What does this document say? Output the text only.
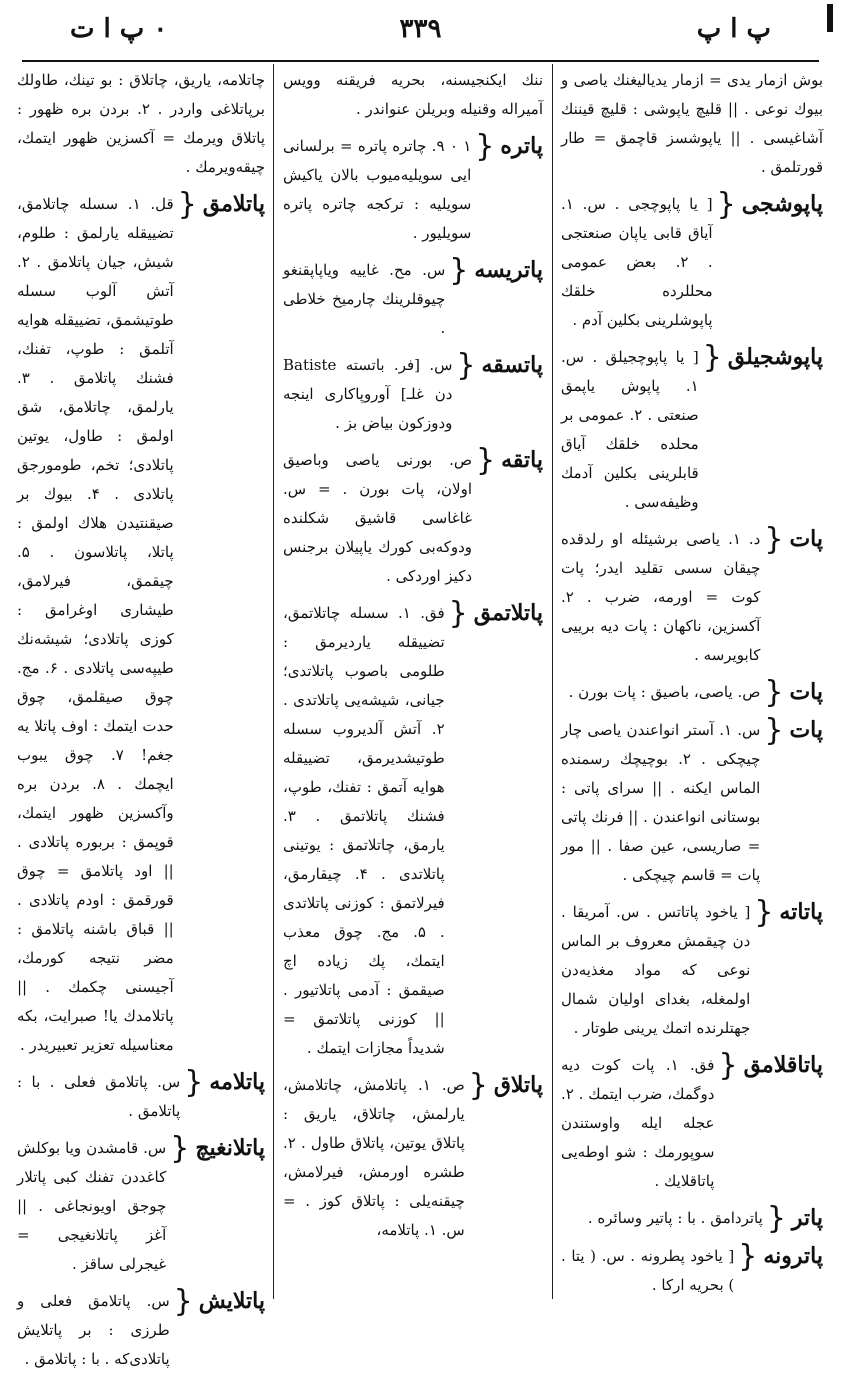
پ ا پ
۳۳۹
۰ پ ا ت
بوش ازمار یدی = ازمار یدیالیغنك یاصی و بیوك نوعی . || قلیچ یاپوشی : قلیچ قیننك آشاغیسی . || یاپوشسز قاچمق = طار قورتلمق .
پاپوشجی
{
[ یا پاپوچجی . س. ۱. آیاق قابی یاپان صنعتجی . ۲. بعض عمومی محللرده خلقك پاپوشلرینی بكلین آدم .
پاپوشجیلق
{
[ یا پاپوچجیلق . س. ۱. پاپوش یاپمق صنعتی . ۲. عمومی بر محلده خلقك آیاق قابلرینی بكلین آدمك وظیفه‌سی .
پات
{
د. ۱. یاصی برشیئله او رلدقده چیقان سسی تقلید ایدر؛ پات كوت = اورمه، ضرب . ۲. آكسزین، ناكهان : پات دیه برییی كابویرسه .
پات
{
ص. یاصی، باصیق : پات بورن .
پات
{
س. ۱. آستر انواعندن یاصی چار چیچكی . ۲. بوچیچك رسمنده الماس ایكنه . || سرای پاتی : بوستانی انواعندن . || فرنك پاتی = صاریسی، عین صفا . || مور پات = قاسم چیچكی .
پاتاته
{
[ یاخود پاتاتس . س. آمریقا . دن چیقمش معروف بر الماس نوعی كه مواد مغذیه‌دن اولمغله، بغدای اولیان شمال جهتلرنده اتمك یرینی طوتار .
پاتاقلامق
{
فق. ۱. پات كوت دیه دوگمك، ضرب ایتمك . ۲. عجله ایله واوستندن سوپورمك : شو اوطه‌یی پاتاقلایك .
پاتر
{
پاتردامق . با : پاتیر وسائره .
پاترونه
{
[ یاخود پطرونه . س. ( یتا . ) بحریه اركا .
ننك ایكنجیسنه، بحریه فریقنه وویس آمیراله وقنیله وبریلن عنواندر .
پاتره
{
۱ ۰ ۹. چاتره پاتره = برلسانی ایی سویلیه‌میوب بالان یاكیش سویلیه : تركجه چاتره پاتره سویلیور .
پاتریسه
{
س. مح. غاییه ویاپاپقنغو چیوقلرینك چارمیخ خلاطی .
پاتسقه
{
س. [فر. باتسته Batiste دن غلـ] آوروپاكاری اینجه ودوزكون بیاض بز .
پاتقه
{
ص. بورنی یاصی وباصیق اولان، پات بورن . = س. غاغاسی قاشیق شكلنده ودوكه‌بی كورك یاپیلان برجنس دكیز اوردكی .
پاتلاتمق
{
فق. ۱. سسله چاتلاتمق، تضییقله یاردیرمق : طلومی باصوب پاتلاتدی؛ جیانی، شیشه‌یی پاتلاتدی . ۲. آتش آلدیروب سسله طوتیشدیرمق، تضییقله هوایه آتمق : تفنك، طوپ، فشنك پاتلاتمق . ۳. یارمق، چاتلاتمق : یوتینی پاتلاتدی . ۴. چیقارمق، فیرلاتمق : كوزنی پاتلاتدی . ۵. مج. چوق معذب ایتمك، پك زیاده اچ صیقمق : آدمی پاتلاتیور . || كوزنی پاتلاتمق = شدیداً مجازات ایتمك .
پاتلاق
{
ص. ۱. پاتلامش، چاتلامش، یارلمش، چاتلاق، یاریق : پاتلاق یوتین، پاتلاق طاول . ۲. طشره اورمش، فیرلامش، چیقنه‌یلی : پاتلاق كوز . = س. ۱. پاتلامه،
چاتلامه، یاریق، چاتلاق : بو تینك، طاولك برپاتلاغی واردر . ۲. بردن بره ظهور : پاتلاق ویرمك = آكسزین ظهور ایتمك، چیقه‌ویرمك .
پاتلامق
{
قل. ۱. سسله چاتلامق، تضییقله یارلمق : طلوم، شیش، جیان پاتلامق . ۲. آتش آلوب سسله طوتیشمق، تضییقله هوایه آتلمق : طوپ، تفنك، فشنك پاتلامق . ۳. یارلمق، چاتلامق، شق اولمق : طاول، یوتین پاتلادی؛ تخم، طومورجق پاتلادی . ۴. بیوك بر صیقنتیدن هلاك اولمق : پاتلا، پاتلاسون . ۵. چیقمق، فیرلامق، طیشاری اوغرامق : كوزی پاتلادی؛ شیشه‌نك طیپه‌سی پاتلادی . ۶. مج. چوق صیقلمق، چوق حدت ایتمك : اوف پاتلا یه جغم! ۷. چوق یبوب ایچمك . ۸. بردن بره وآكسزین ظهور ایتمك، قوپمق : بربوره پاتلادی . || اود پاتلامق = چوق قورقمق : اودم پاتلادی . || قباق باشنه پاتلامق : مضر نتیجه كورمك، آجیسنی چكمك . || پاتلامدك یا! صبرایت، بكه معناسیله تعزیر تعبیریدر .
پاتلامه
{
س. پاتلامق فعلی . با : پاتلامق .
پاتلانغیچ
{
س. قامشدن ویا بوكلش كاغددن تفنك كبی پاتلار چوجق اویونجاغی . || آغز پاتلانغیجی = غیجرلی ساقز .
پاتلایش
{
س. پاتلامق فعلی و طرزی : بر پاتلایش پاتلادی‌كه . با : پاتلامق .
